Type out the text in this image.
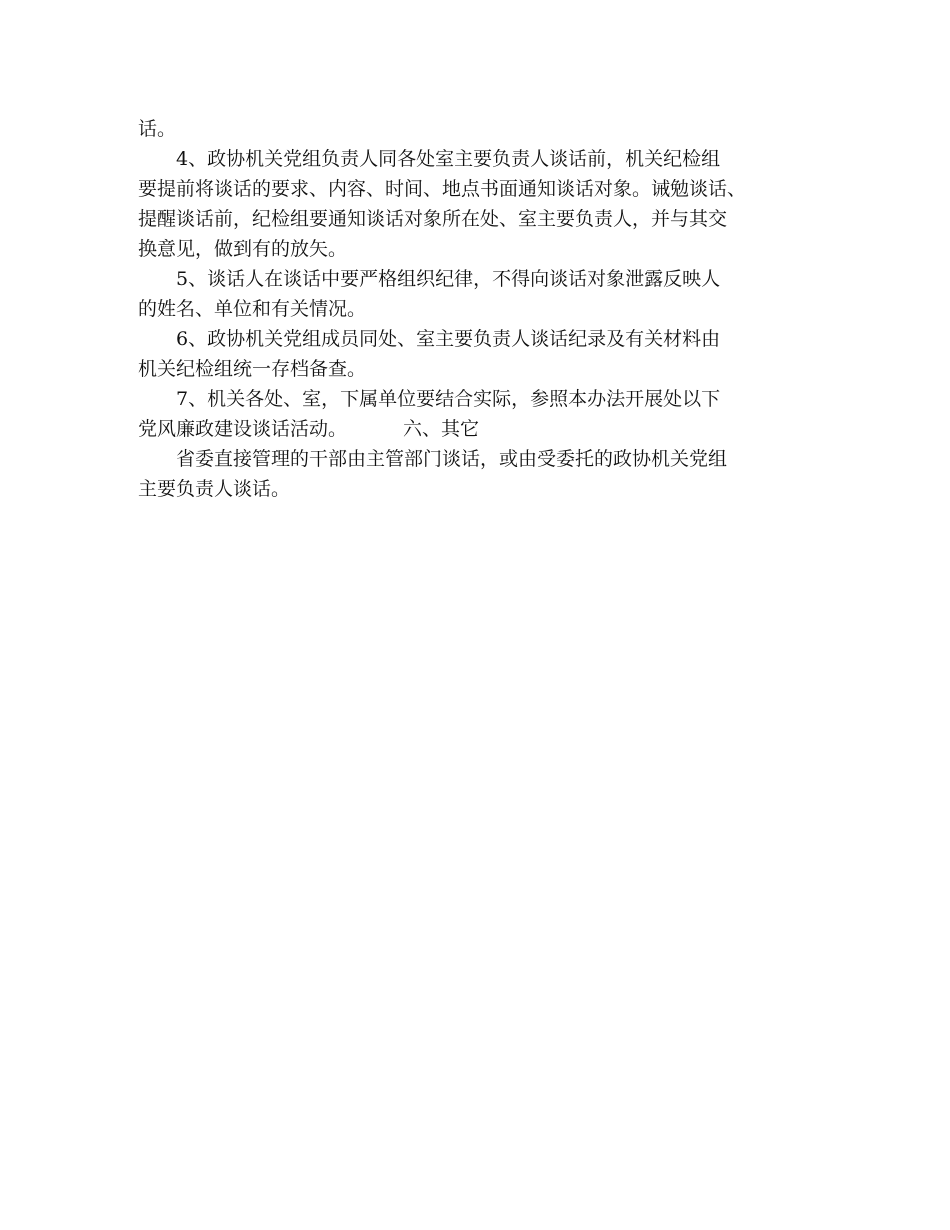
话。
4、政协机关党组负责人同各处室主要负责人谈话前，机关纪检组
要提前将谈话的要求、内容、时间、地点书面通知谈话对象。诫勉谈话、
提醒谈话前，纪检组要通知谈话对象所在处、室主要负责人，并与其交
换意见，做到有的放矢。
5、谈话人在谈话中要严格组织纪律，不得向谈话对象泄露反映人
的姓名、单位和有关情况。
6、政协机关党组成员同处、室主要负责人谈话纪录及有关材料由
机关纪检组统一存档备查。
7、机关各处、室，下属单位要结合实际，参照本办法开展处以下
党风廉政建设谈话活动。	六、其它
省委直接管理的干部由主管部门谈话，或由受委托的政协机关党组
主要负责人谈话。
